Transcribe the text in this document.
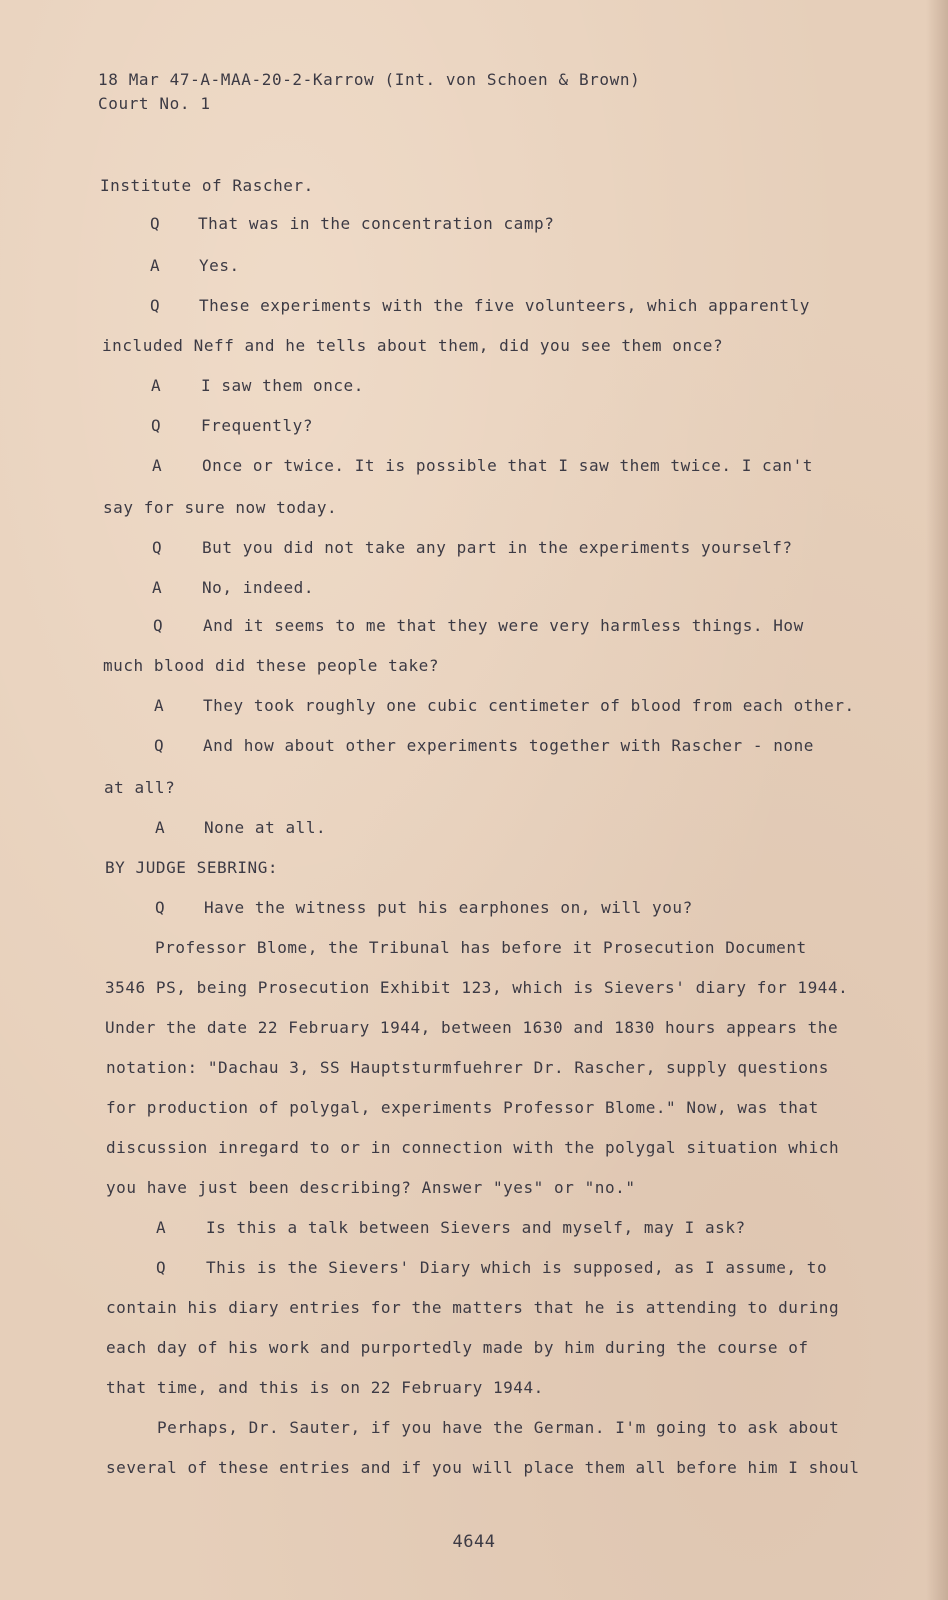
18 Mar 47-A-MAA-20-2-Karrow (Int. von Schoen & Brown)
Court No. 1
Institute of Rascher.
Q That was in the concentration camp?
A Yes.
Q These experiments with the five volunteers, which apparently
included Neff and he tells about them, did you see them once?
A	I saw them once.
Q	Frequently?
A	Once or twice. It is possible that I saw them twice. I can't
say for sure now today.
Q	But you did not take any part in the experiments yourself?
A	No, indeed.
Q	And it seems to me that they were very harmless things. How
much blood did these people take?
A They took roughly one cubic centimeter of blood from each other.
Q And how about other experiments together with Rascher - none
at all?
A None at all.
BY JUDGE SEBRING:
Q Have the witness put his earphones on, will you?
Professor Blome, the Tribunal has before it Prosecution Document
3546 PS, being Prosecution Exhibit 123, which is Sievers' diary for 1944.
Under the date 22 February 1944, between 1630 and 1830 hours appears the
notation: "Dachau 3, SS Hauptsturmfuehrer Dr. Rascher, supply questions
for production of polygal, experiments Professor Blome." Now, was that
discussion inregard to or in connection with the polygal situation which
you have just been describing? Answer "yes" or "no."
A	Is this a talk between Sievers and myself, may I ask?
Q	This is the Sievers' Diary which is supposed, as I assume, to
contain his diary entries for the matters that he is attending to during
each day of his work and purportedly made by him during the course of
that time, and this is on 22 February 1944.
Perhaps, Dr. Sauter, if you have the German. I'm going to ask about
several of these entries and if you will place them all before him I shoul
4644
